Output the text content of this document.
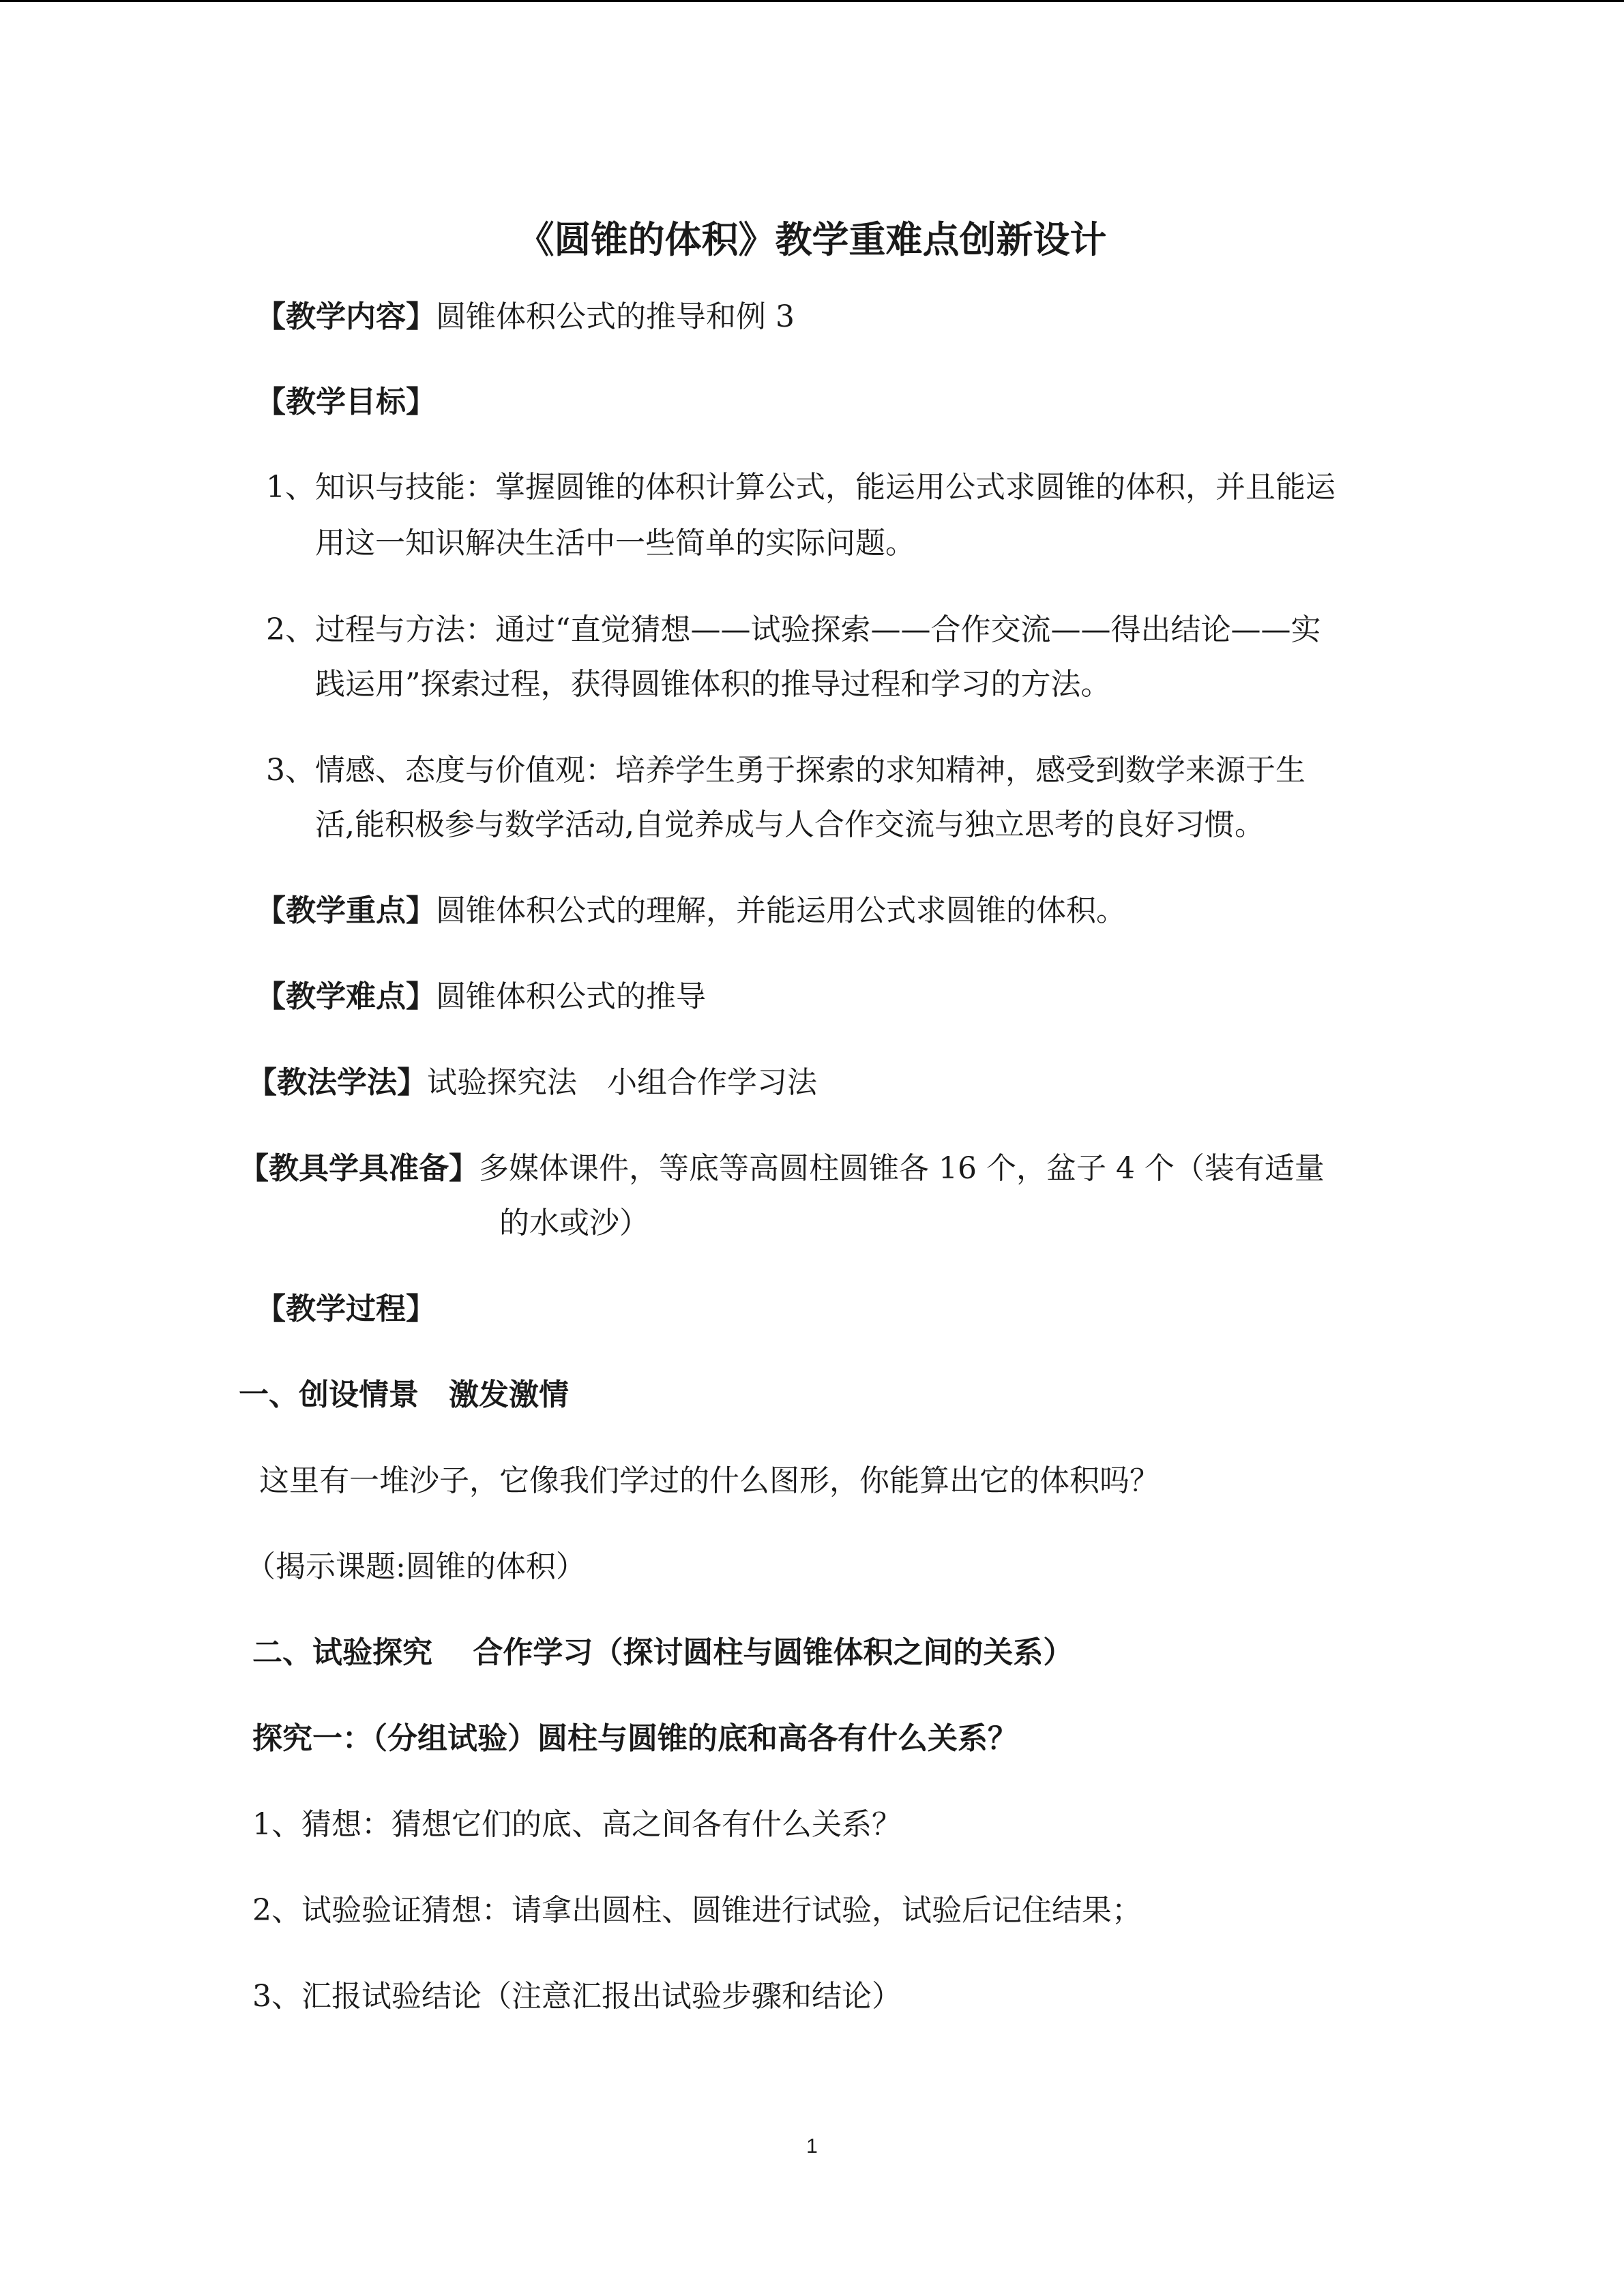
《圆锥的体积》教学重难点创新设计
【教学内容】圆锥体积公式的推导和例 3
【教学目标】
1、知识与技能：掌握圆锥的体积计算公式，能运用公式求圆锥的体积，并且能运
用这一知识解决生活中一些简单的实际问题。
2、过程与方法：通过“直觉猜想——试验探索——合作交流——得出结论——实
践运用”探索过程，获得圆锥体积的推导过程和学习的方法。
3、情感、态度与价值观：培养学生勇于探索的求知精神，感受到数学来源于生
活,能积极参与数学活动,自觉养成与人合作交流与独立思考的良好习惯。
【教学重点】圆锥体积公式的理解，并能运用公式求圆锥的体积。
【教学难点】圆锥体积公式的推导
【教法学法】试验探究法　小组合作学习法
【教具学具准备】多媒体课件，等底等高圆柱圆锥各 16 个，盆子 4 个（装有适量
的水或沙）
【教学过程】
一、创设情景　激发激情
这里有一堆沙子，它像我们学过的什么图形，你能算出它的体积吗？
（揭示课题:圆锥的体积）
二、试验探究　 合作学习（探讨圆柱与圆锥体积之间的关系）
探究一：（分组试验）圆柱与圆锥的底和高各有什么关系？
1、猜想：猜想它们的底、高之间各有什么关系？
2、试验验证猜想：请拿出圆柱、圆锥进行试验，试验后记住结果；
3、汇报试验结论（注意汇报出试验步骤和结论）
1
